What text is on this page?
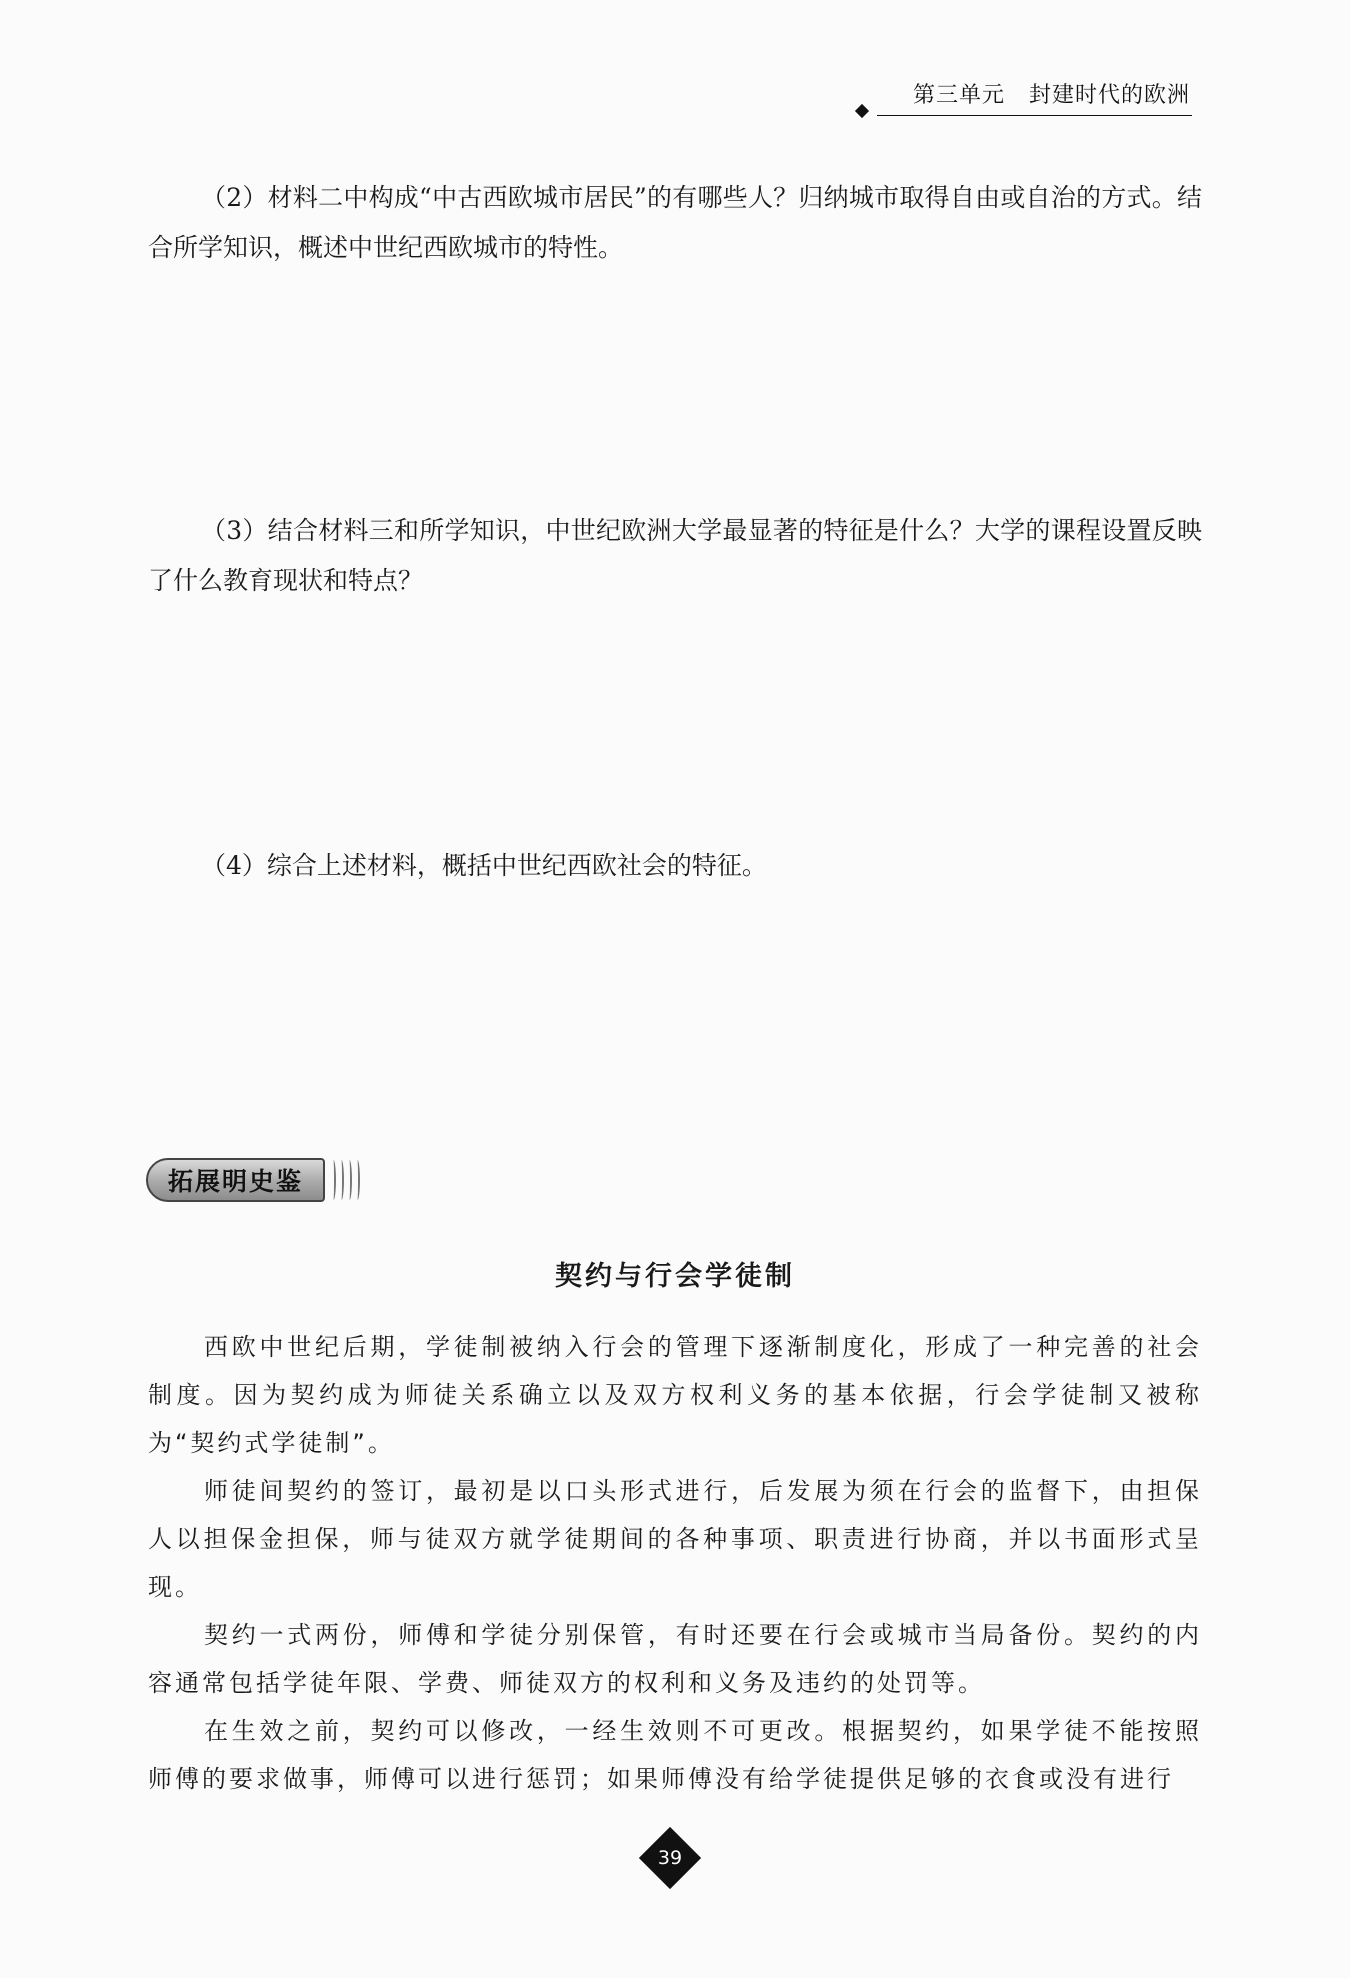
第三单元   封建时代的欧洲

（2）材料二中构成“中古西欧城市居民”的有哪些人？归纳城市取得自由或自治的方式。结合所学知识，概述中世纪西欧城市的特性。

（3）结合材料三和所学知识，中世纪欧洲大学最显著的特征是什么？大学的课程设置反映了什么教育现状和特点？

（4）综合上述材料，概括中世纪西欧社会的特征。

拓展明史鉴
契约与行会学徒制

西欧中世纪后期，学徒制被纳入行会的管理下逐渐制度化，形成了一种完善的社会制度。因为契约成为师徒关系确立以及双方权利义务的基本依据，行会学徒制又被称为“契约式学徒制”。

师徒间契约的签订，最初是以口头形式进行，后发展为须在行会的监督下，由担保人以担保金担保，师与徒双方就学徒期间的各种事项、职责进行协商，并以书面形式呈现。

契约一式两份，师傅和学徒分别保管，有时还要在行会或城市当局备份。契约的内容通常包括学徒年限、学费、师徒双方的权利和义务及违约的处罚等。

在生效之前，契约可以修改，一经生效则不可更改。根据契约，如果学徒不能按照师傅的要求做事，师傅可以进行惩罚；如果师傅没有给学徒提供足够的衣食或没有进行

39
